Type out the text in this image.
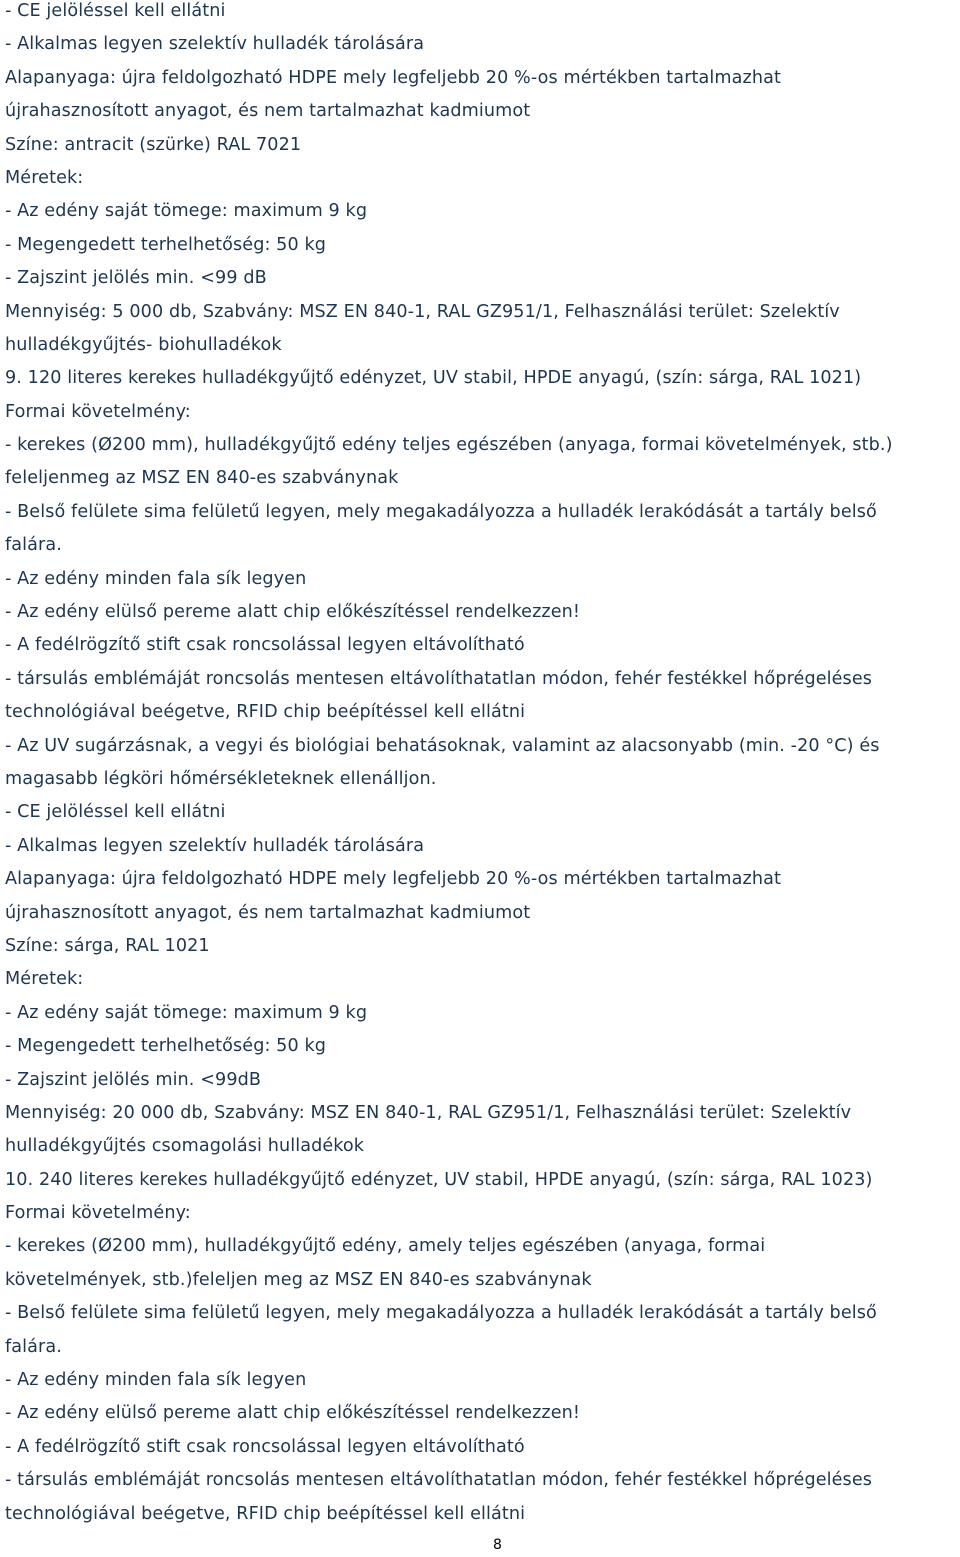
- CE jelöléssel kell ellátni
- Alkalmas legyen szelektív hulladék tárolására
Alapanyaga: újra feldolgozható HDPE mely legfeljebb 20 %-os mértékben tartalmazhat
újrahasznosított anyagot, és nem tartalmazhat kadmiumot
Színe: antracit (szürke) RAL 7021
Méretek:
- Az edény saját tömege: maximum 9 kg
- Megengedett terhelhetőség: 50 kg
- Zajszint jelölés min. <99 dB
Mennyiség: 5 000 db, Szabvány: MSZ EN 840-1, RAL GZ951/1, Felhasználási terület: Szelektív
hulladékgyűjtés- biohulladékok
9. 120 literes kerekes hulladékgyűjtő edényzet, UV stabil, HPDE anyagú, (szín: sárga, RAL 1021)
Formai követelmény:
- kerekes (Ø200 mm), hulladékgyűjtő edény teljes egészében (anyaga, formai követelmények, stb.)
feleljenmeg az MSZ EN 840-es szabványnak
- Belső felülete sima felületű legyen, mely megakadályozza a hulladék lerakódását a tartály belső
falára.
- Az edény minden fala sík legyen
- Az edény elülső pereme alatt chip előkészítéssel rendelkezzen!
- A fedélrögzítő stift csak roncsolással legyen eltávolítható
- társulás emblémáját roncsolás mentesen eltávolíthatatlan módon, fehér festékkel hőprégeléses
technológiával beégetve, RFID chip beépítéssel kell ellátni
- Az UV sugárzásnak, a vegyi és biológiai behatásoknak, valamint az alacsonyabb (min. -20 °C) és
magasabb légköri hőmérsékleteknek ellenálljon.
- CE jelöléssel kell ellátni
- Alkalmas legyen szelektív hulladék tárolására
Alapanyaga: újra feldolgozható HDPE mely legfeljebb 20 %-os mértékben tartalmazhat
újrahasznosított anyagot, és nem tartalmazhat kadmiumot
Színe: sárga, RAL 1021
Méretek:
- Az edény saját tömege: maximum 9 kg
- Megengedett terhelhetőség: 50 kg
- Zajszint jelölés min. <99dB
Mennyiség: 20 000 db, Szabvány: MSZ EN 840-1, RAL GZ951/1, Felhasználási terület: Szelektív
hulladékgyűjtés csomagolási hulladékok
10. 240 literes kerekes hulladékgyűjtő edényzet, UV stabil, HPDE anyagú, (szín: sárga, RAL 1023)
Formai követelmény:
- kerekes (Ø200 mm), hulladékgyűjtő edény, amely teljes egészében (anyaga, formai
követelmények, stb.)feleljen meg az MSZ EN 840-es szabványnak
- Belső felülete sima felületű legyen, mely megakadályozza a hulladék lerakódását a tartály belső
falára.
- Az edény minden fala sík legyen
- Az edény elülső pereme alatt chip előkészítéssel rendelkezzen!
- A fedélrögzítő stift csak roncsolással legyen eltávolítható
- társulás emblémáját roncsolás mentesen eltávolíthatatlan módon, fehér festékkel hőprégeléses
technológiával beégetve, RFID chip beépítéssel kell ellátni
8
